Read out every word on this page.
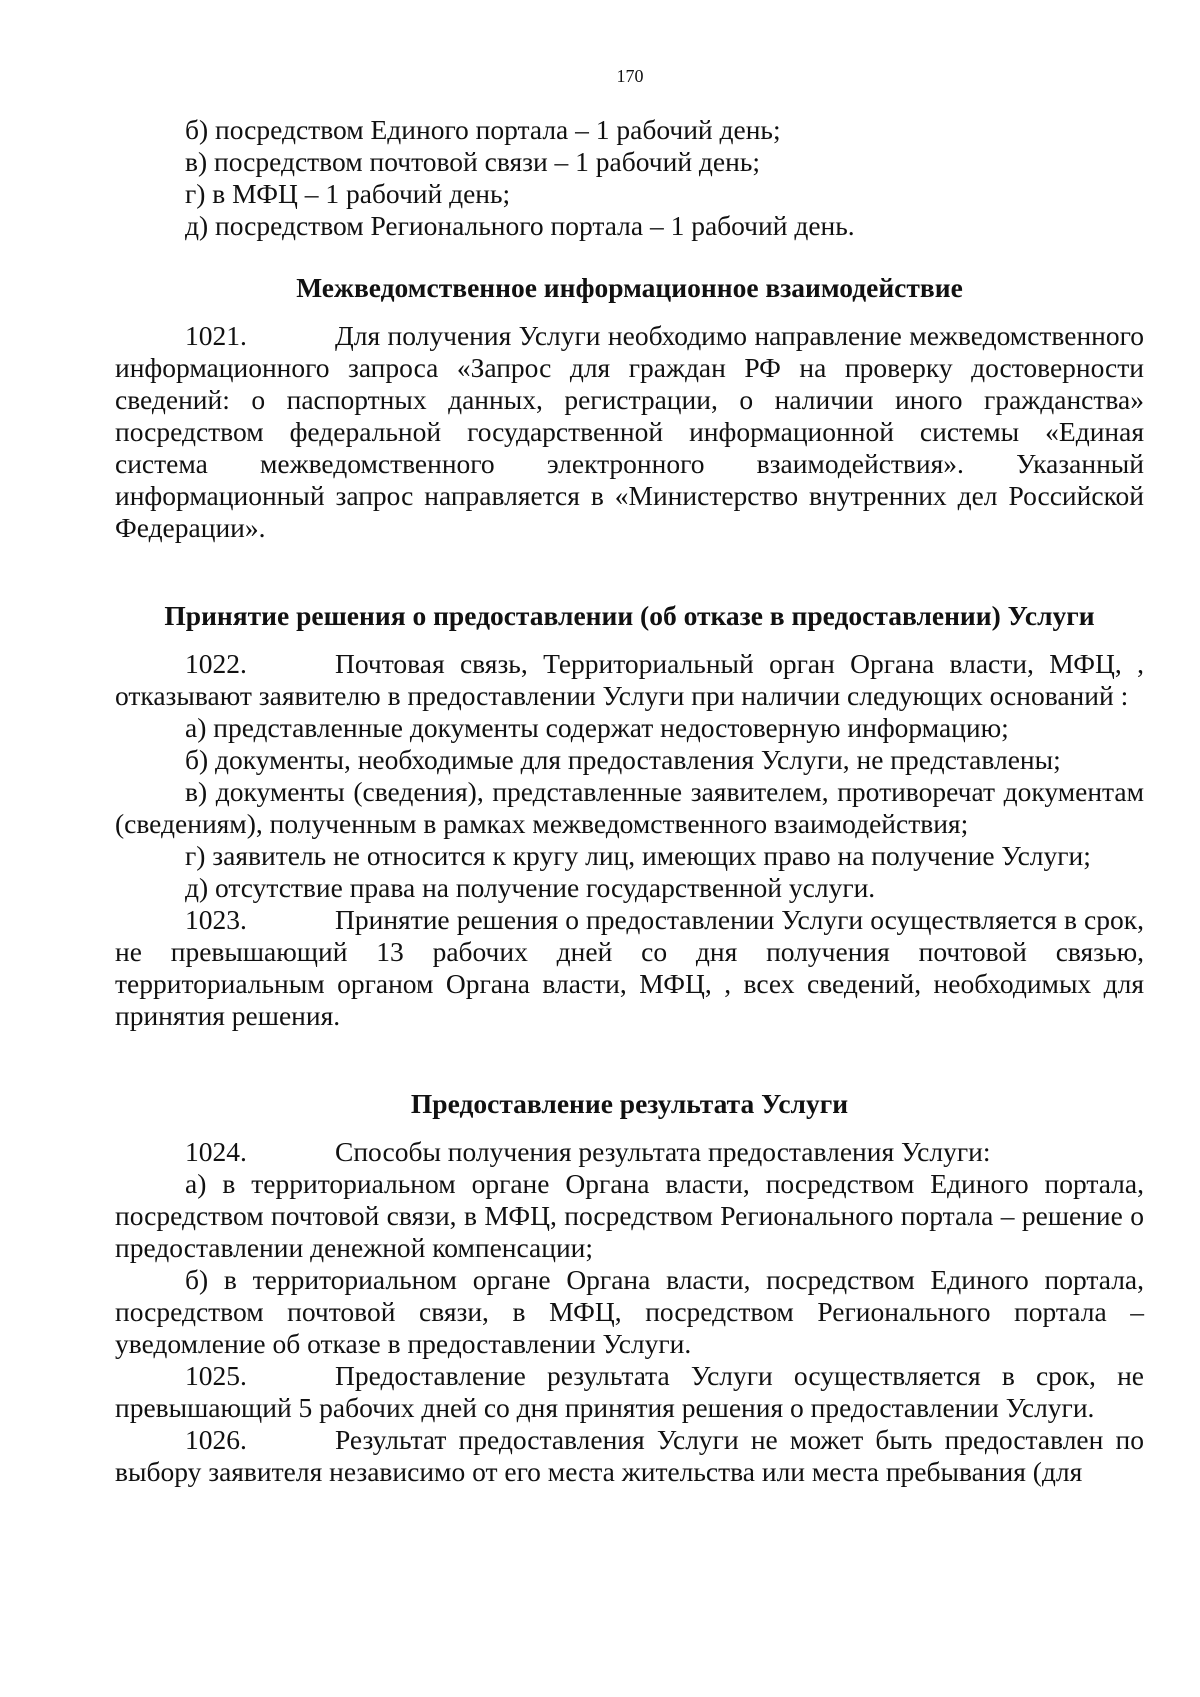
170

б) посредством Единого портала – 1 рабочий день;

в) посредством почтовой связи – 1 рабочий день;

г) в МФЦ – 1 рабочий день;

д) посредством Регионального портала – 1 рабочий день.

Межведомственное информационное взаимодействие

1021.	Для получения Услуги необходимо направление межведомственного информационного запроса «Запрос для граждан РФ на проверку достоверности сведений: о паспортных данных, регистрации, о наличии иного гражданства» посредством федеральной государственной информационной системы «Единая система межведомственного электронного взаимодействия». Указанный информационный запрос направляется в «Министерство внутренних дел Российской Федерации».

Принятие решения о предоставлении (об отказе в предоставлении) Услуги

1022.	Почтовая связь, Территориальный орган Органа власти, МФЦ, , отказывают заявителю в предоставлении Услуги при наличии следующих оснований :

а) представленные документы содержат недостоверную информацию;

б) документы, необходимые для предоставления Услуги, не представлены;

в) документы (сведения), представленные заявителем, противоречат документам (сведениям), полученным в рамках межведомственного взаимодействия;

г) заявитель не относится к кругу лиц, имеющих право на получение Услуги;

д) отсутствие права на получение государственной услуги.

1023.	Принятие решения о предоставлении Услуги осуществляется в срок, не превышающий 13 рабочих дней со дня получения почтовой связью, территориальным органом Органа власти, МФЦ, , всех сведений, необходимых для принятия решения.

Предоставление результата Услуги

1024.	Способы получения результата предоставления Услуги:

а) в территориальном органе Органа власти, посредством Единого портала, посредством почтовой связи, в МФЦ, посредством Регионального портала – решение о предоставлении денежной компенсации;

б) в территориальном органе Органа власти, посредством Единого портала, посредством почтовой связи, в МФЦ, посредством Регионального портала – уведомление об отказе в предоставлении Услуги.

1025.	Предоставление результата Услуги осуществляется в срок, не превышающий 5 рабочих дней со дня принятия решения о предоставлении Услуги.

1026.	Результат предоставления Услуги не может быть предоставлен по выбору заявителя независимо от его места жительства или места пребывания (для
